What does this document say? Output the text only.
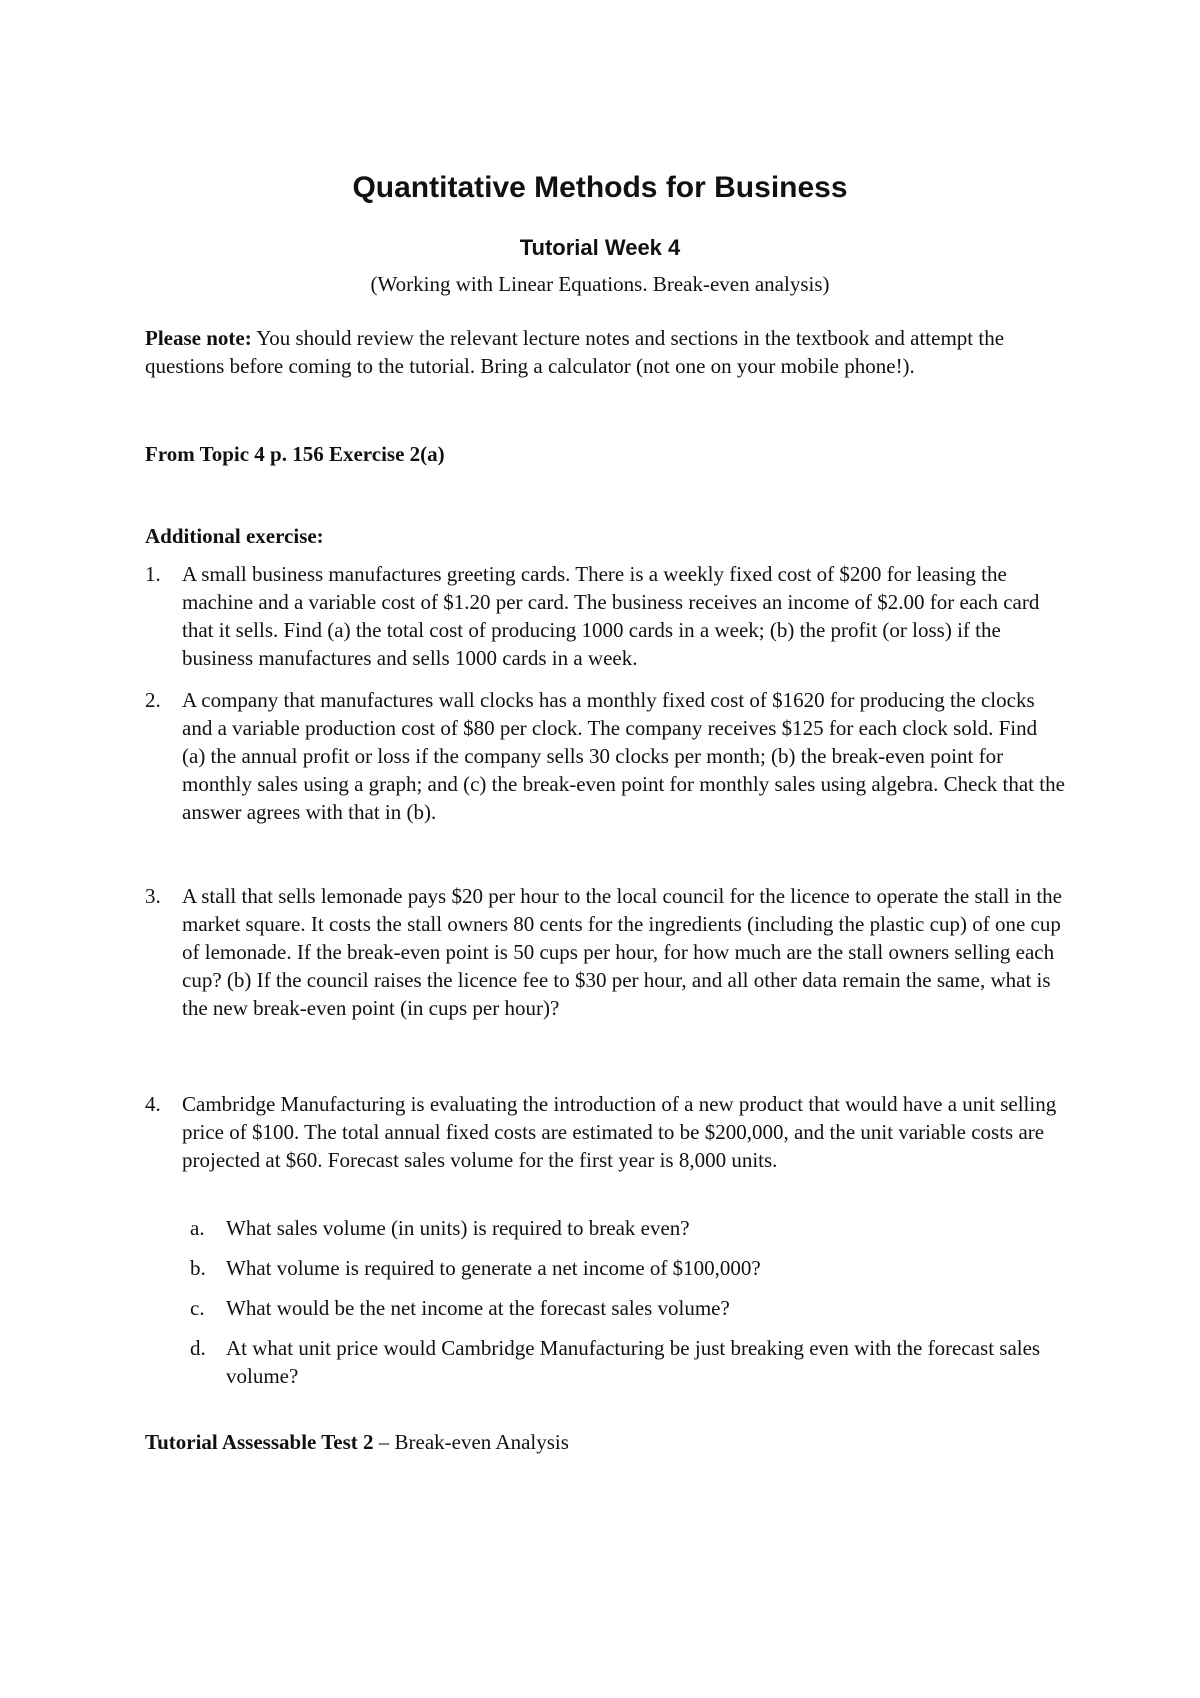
Quantitative Methods for Business
Tutorial Week 4
(Working with Linear Equations. Break-even analysis)
Please note: You should review the relevant lecture notes and sections in the textbook and attempt the questions before coming to the tutorial. Bring a calculator (not one on your mobile phone!).
From Topic 4 p. 156 Exercise 2(a)
Additional exercise:
1. A small business manufactures greeting cards. There is a weekly fixed cost of $200 for leasing the machine and a variable cost of $1.20 per card. The business receives an income of $2.00 for each card that it sells. Find (a) the total cost of producing 1000 cards in a week; (b) the profit (or loss) if the business manufactures and sells 1000 cards in a week.
2. A company that manufactures wall clocks has a monthly fixed cost of $1620 for producing the clocks and a variable production cost of $80 per clock. The company receives $125 for each clock sold. Find (a) the annual profit or loss if the company sells 30 clocks per month; (b) the break-even point for monthly sales using a graph; and (c) the break-even point for monthly sales using algebra. Check that the answer agrees with that in (b).
3. A stall that sells lemonade pays $20 per hour to the local council for the licence to operate the stall in the market square. It costs the stall owners 80 cents for the ingredients (including the plastic cup) of one cup of lemonade. If the break-even point is 50 cups per hour, for how much are the stall owners selling each cup? (b) If the council raises the licence fee to $30 per hour, and all other data remain the same, what is the new break-even point (in cups per hour)?
4. Cambridge Manufacturing is evaluating the introduction of a new product that would have a unit selling price of $100. The total annual fixed costs are estimated to be $200,000, and the unit variable costs are projected at $60. Forecast sales volume for the first year is 8,000 units.
a. What sales volume (in units) is required to break even?
b. What volume is required to generate a net income of $100,000?
c. What would be the net income at the forecast sales volume?
d. At what unit price would Cambridge Manufacturing be just breaking even with the forecast sales volume?
Tutorial Assessable Test 2 – Break-even Analysis
